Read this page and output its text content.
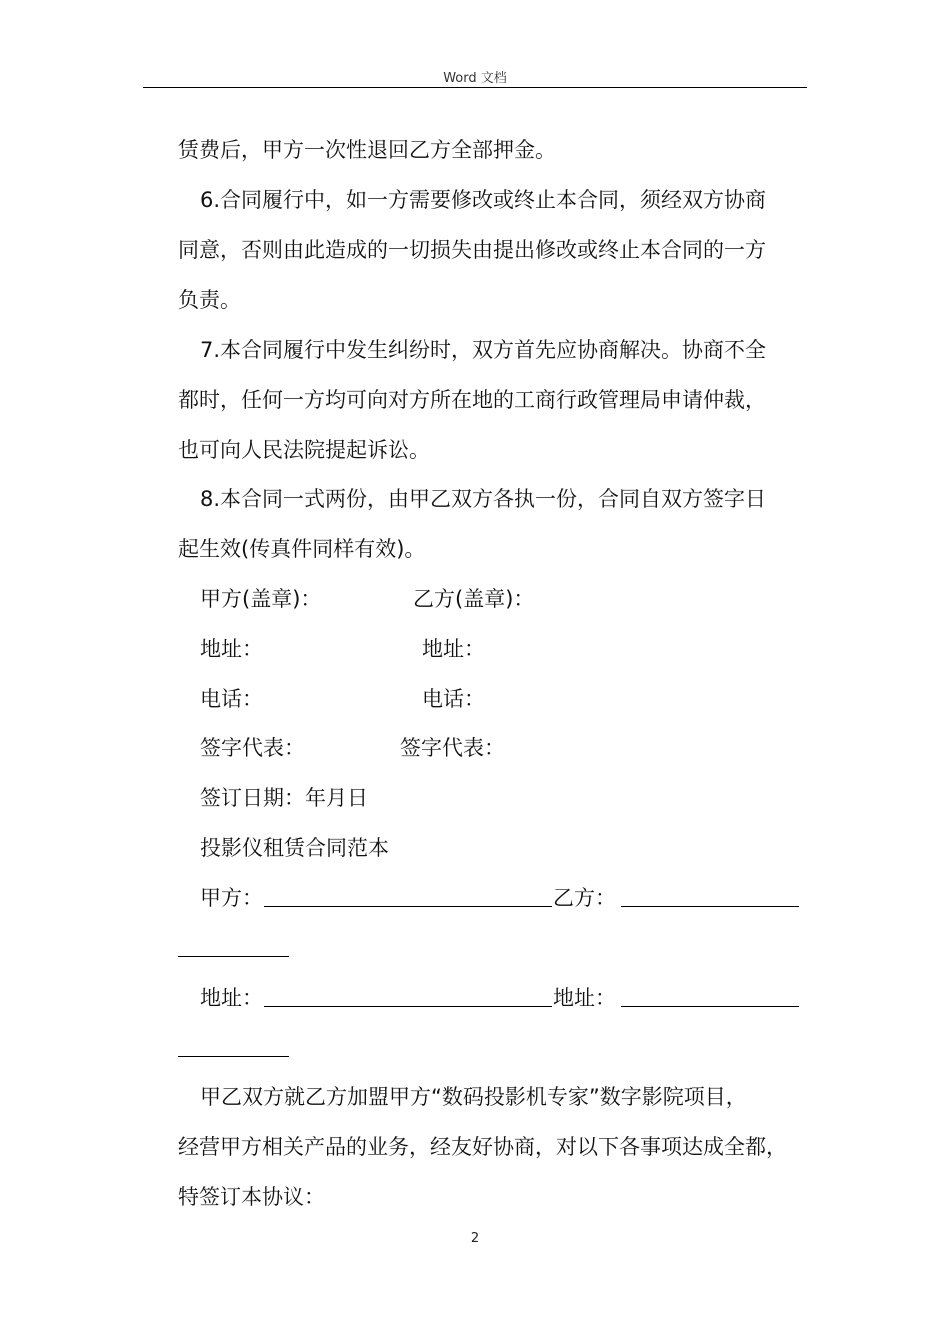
Word 文档
赁费后，甲方一次性退回乙方全部押金。
6.合同履行中，如一方需要修改或终止本合同，须经双方协商
同意，否则由此造成的一切损失由提出修改或终止本合同的一方
负责。
7.本合同履行中发生纠纷时，双方首先应协商解决。协商不全
都时，任何一方均可向对方所在地的工商行政管理局申请仲裁，
也可向人民法院提起诉讼。
8.本合同一式两份，由甲乙双方各执一份，合同自双方签字日
起生效(传真件同样有效)。
甲方(盖章)：	乙方(盖章)：
地址：	地址：
电话：	电话：
签字代表：	签字代表：
签订日期：年月日
投影仪租赁合同范本
甲方：	乙方：
地址：	地址：
甲乙双方就乙方加盟甲方“数码投影机专家”数字影院项目，
经营甲方相关产品的业务，经友好协商，对以下各事项达成全都，
特签订本协议：
2
